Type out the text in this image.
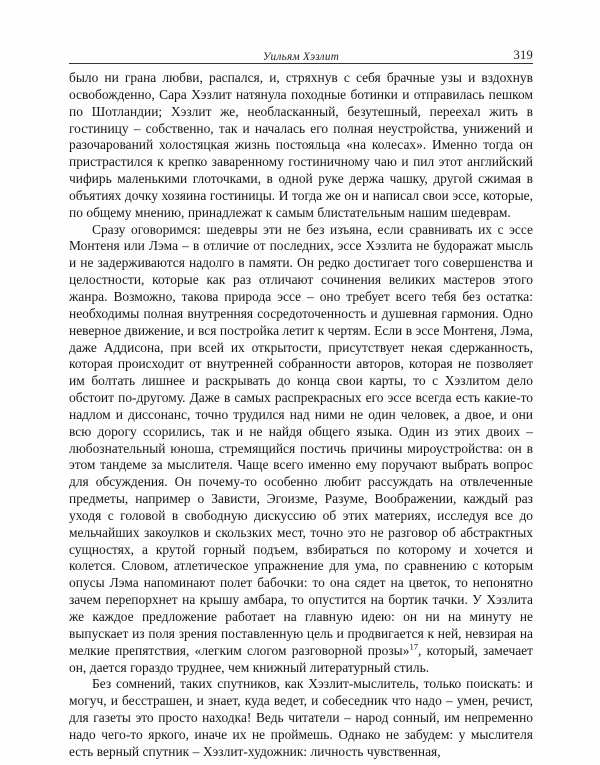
Уильям Хэзлит	319

было ни грана любви, распался, и, стряхнув с себя брачные узы и вздохнув освобожденно, Сара Хэзлит натянула походные ботинки и отправилась пешком по Шотландии; Хэзлит же, необласканный, безутешный, переехал жить в гостиницу – собственно, так и началась его полная неустройства, унижений и разочарований холостяцкая жизнь постояльца «на колесах». Именно тогда он пристрастился к крепко заваренному гостиничному чаю и пил этот английский чифирь маленькими глоточками, в одной руке держа чашку, другой сжимая в объятиях дочку хозяина гостиницы. И тогда же он и написал свои эссе, которые, по общему мнению, принадлежат к самым блистательным нашим шедеврам.

Сразу оговоримся: шедевры эти не без изъяна, если сравнивать их с эссе Монтеня или Лэма – в отличие от последних, эссе Хэзлита не будоражат мысль и не задерживаются надолго в памяти. Он редко достигает того совершенства и целостности, которые как раз отличают сочинения великих мастеров этого жанра. Возможно, такова природа эссе – оно требует всего тебя без остатка: необходимы полная внутренняя сосредоточенность и душевная гармония. Одно неверное движение, и вся постройка летит к чертям. Если в эссе Монтеня, Лэма, даже Аддисона, при всей их открытости, присутствует некая сдержанность, которая происходит от внутренней собранности авторов, которая не позволяет им болтать лишнее и раскрывать до конца свои карты, то с Хэзлитом дело обстоит по-другому. Даже в самых распрекрасных его эссе всегда есть какие-то надлом и диссонанс, точно трудился над ними не один человек, а двое, и они всю дорогу ссорились, так и не найдя общего языка. Один из этих двоих – любознательный юноша, стремящийся постичь причины мироустройства: он в этом тандеме за мыслителя. Чаще всего именно ему поручают выбрать вопрос для обсуждения. Он почему-то особенно любит рассуждать на отвлеченные предметы, например о Зависти, Эгоизме, Разуме, Воображении, каждый раз уходя с головой в свободную дискуссию об этих материях, исследуя все до мельчайших закоулков и скользких мест, точно это не разговор об абстрактных сущностях, а крутой горный подъем, взбираться по которому и хочется и колется. Словом, атлетическое упражнение для ума, по сравнению с которым опусы Лэма напоминают полет бабочки: то она сядет на цветок, то непонятно зачем перепорхнет на крышу амбара, то опустится на бортик тачки. У Хэзлита же каждое предложение работает на главную идею: он ни на минуту не выпускает из поля зрения поставленную цель и продвигается к ней, невзирая на мелкие препятствия, «легким слогом разговорной прозы»$^{17}$, который, замечает он, дается гораздо труднее, чем книжный литературный стиль.

Без сомнений, таких спутников, как Хэзлит-мыслитель, только поискать: и могуч, и бесстрашен, и знает, куда ведет, и собеседник что надо – умен, речист, для газеты это просто находка! Ведь читатели – народ сонный, им непременно надо чего-то яркого, иначе их не проймешь. Однако не забудем: у мыслителя есть верный спутник – Хэзлит-художник: личность чувственная,
